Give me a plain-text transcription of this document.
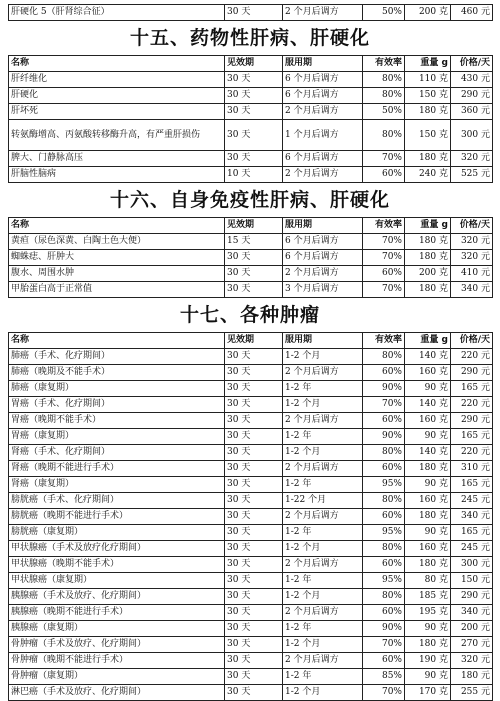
肝硬化 5（肝肾综合征）	30 天	2 个月后调方	50%	200 克	460 元
十五、药物性肝病、肝硬化
名称	见效期	服用期	有效率	重量 g	价格/天
肝纤维化	30 天	6 个月后调方	80%	110 克	430 元
肝硬化	30 天	6 个月后调方	80%	150 克	290 元
肝坏死	30 天	2 个月后调方	50%	180 克	360 元
转氨酶增高、丙氨酸转移酶升高，有严重肝损伤	30 天	1 个月后调方	80%	150 克	300 元
脾大、门静脉高压	30 天	6 个月后调方	70%	180 克	320 元
肝脑性脑病	10 天	2 个月后调方	60%	240 克	525 元
十六、自身免疫性肝病、肝硬化
名称	见效期	服用期	有效率	重量 g	价格/天
黄疸（尿色深黄、白陶土色大便）	15 天	6 个月后调方	70%	180 克	320 元
蜘蛛痣、肝肿大	30 天	6 个月后调方	70%	180 克	320 元
腹水、周围水肿	30 天	2 个月后调方	60%	200 克	410 元
甲胎蛋白高于正常值	30 天	3 个月后调方	70%	180 克	340 元
十七、各种肿瘤
名称	见效期	服用期	有效率	重量 g	价格/天
肺癌（手术、化疗期间）	30 天	1-2 个月	80%	140 克	220 元
肺癌（晚期及不能手术）	30 天	2 个月后调方	60%	160 克	290 元
肺癌（康复期）	30 天	1-2 年	90%	90 克	165 元
胃癌（手术、化疗期间）	30 天	1-2 个月	70%	140 克	220 元
胃癌（晚期不能手术）	30 天	2 个月后调方	60%	160 克	290 元
胃癌（康复期）	30 天	1-2 年	90%	90 克	165 元
肾癌（手术、化疗期间）	30 天	1-2 个月	80%	140 克	220 元
肾癌（晚期不能进行手术）	30 天	2 个月后调方	60%	180 克	310 元
肾癌（康复期）	30 天	1-2 年	95%	90 克	165 元
膀胱癌（手术、化疗期间）	30 天	1-22 个月	80%	160 克	245 元
膀胱癌（晚期不能进行手术）	30 天	2 个月后调方	60%	180 克	340 元
膀胱癌（康复期）	30 天	1-2 年	95%	90 克	165 元
甲状腺癌（手术及放疗化疗期间）	30 天	1-2 个月	80%	160 克	245 元
甲状腺癌（晚期不能手术）	30 天	2 个月后调方	60%	180 克	300 元
甲状腺癌（康复期）	30 天	1-2 年	95%	80 克	150 元
胰腺癌（手术及放疗、化疗期间）	30 天	1-2 个月	80%	185 克	290 元
胰腺癌（晚期不能进行手术）	30 天	2 个月后调方	60%	195 克	340 元
胰腺癌（康复期）	30 天	1-2 年	90%	90 克	200 元
骨肿瘤（手术及放疗、化疗期间）	30 天	1-2 个月	70%	180 克	270 元
骨肿瘤（晚期不能进行手术）	30 天	2 个月后调方	60%	190 克	320 元
骨肿瘤（康复期）	30 天	1-2 年	85%	90 克	180 元
淋巴癌（手术及放疗、化疗期间）	30 天	1-2 个月	70%	170 克	255 元
